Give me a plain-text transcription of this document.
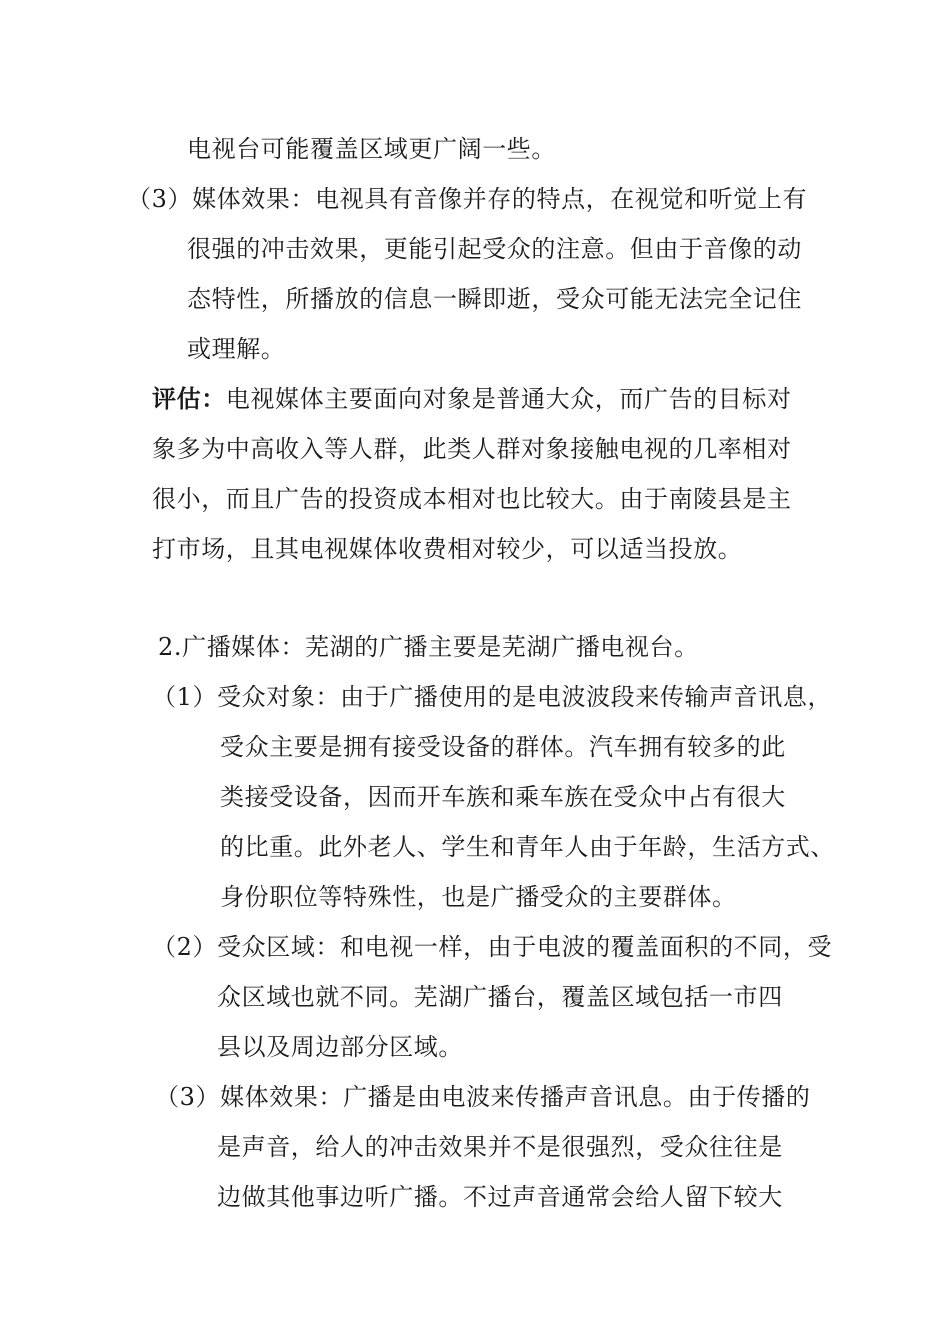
电视台可能覆盖区域更广阔一些。
（3）媒体效果：电视具有音像并存的特点，在视觉和听觉上有
很强的冲击效果，更能引起受众的注意。但由于音像的动
态特性，所播放的信息一瞬即逝，受众可能无法完全记住
或理解。
评估：电视媒体主要面向对象是普通大众，而广告的目标对
象多为中高收入等人群，此类人群对象接触电视的几率相对
很小，而且广告的投资成本相对也比较大。由于南陵县是主
打市场，且其电视媒体收费相对较少，可以适当投放。
2.广播媒体：芜湖的广播主要是芜湖广播电视台。
（1）受众对象：由于广播使用的是电波波段来传输声音讯息，
受众主要是拥有接受设备的群体。汽车拥有较多的此
类接受设备，因而开车族和乘车族在受众中占有很大
的比重。此外老人、学生和青年人由于年龄，生活方式、
身份职位等特殊性，也是广播受众的主要群体。
（2）受众区域：和电视一样，由于电波的覆盖面积的不同，受
众区域也就不同。芜湖广播台，覆盖区域包括一市四
县以及周边部分区域。
（3）媒体效果：广播是由电波来传播声音讯息。由于传播的
是声音，给人的冲击效果并不是很强烈，受众往往是
边做其他事边听广播。不过声音通常会给人留下较大
